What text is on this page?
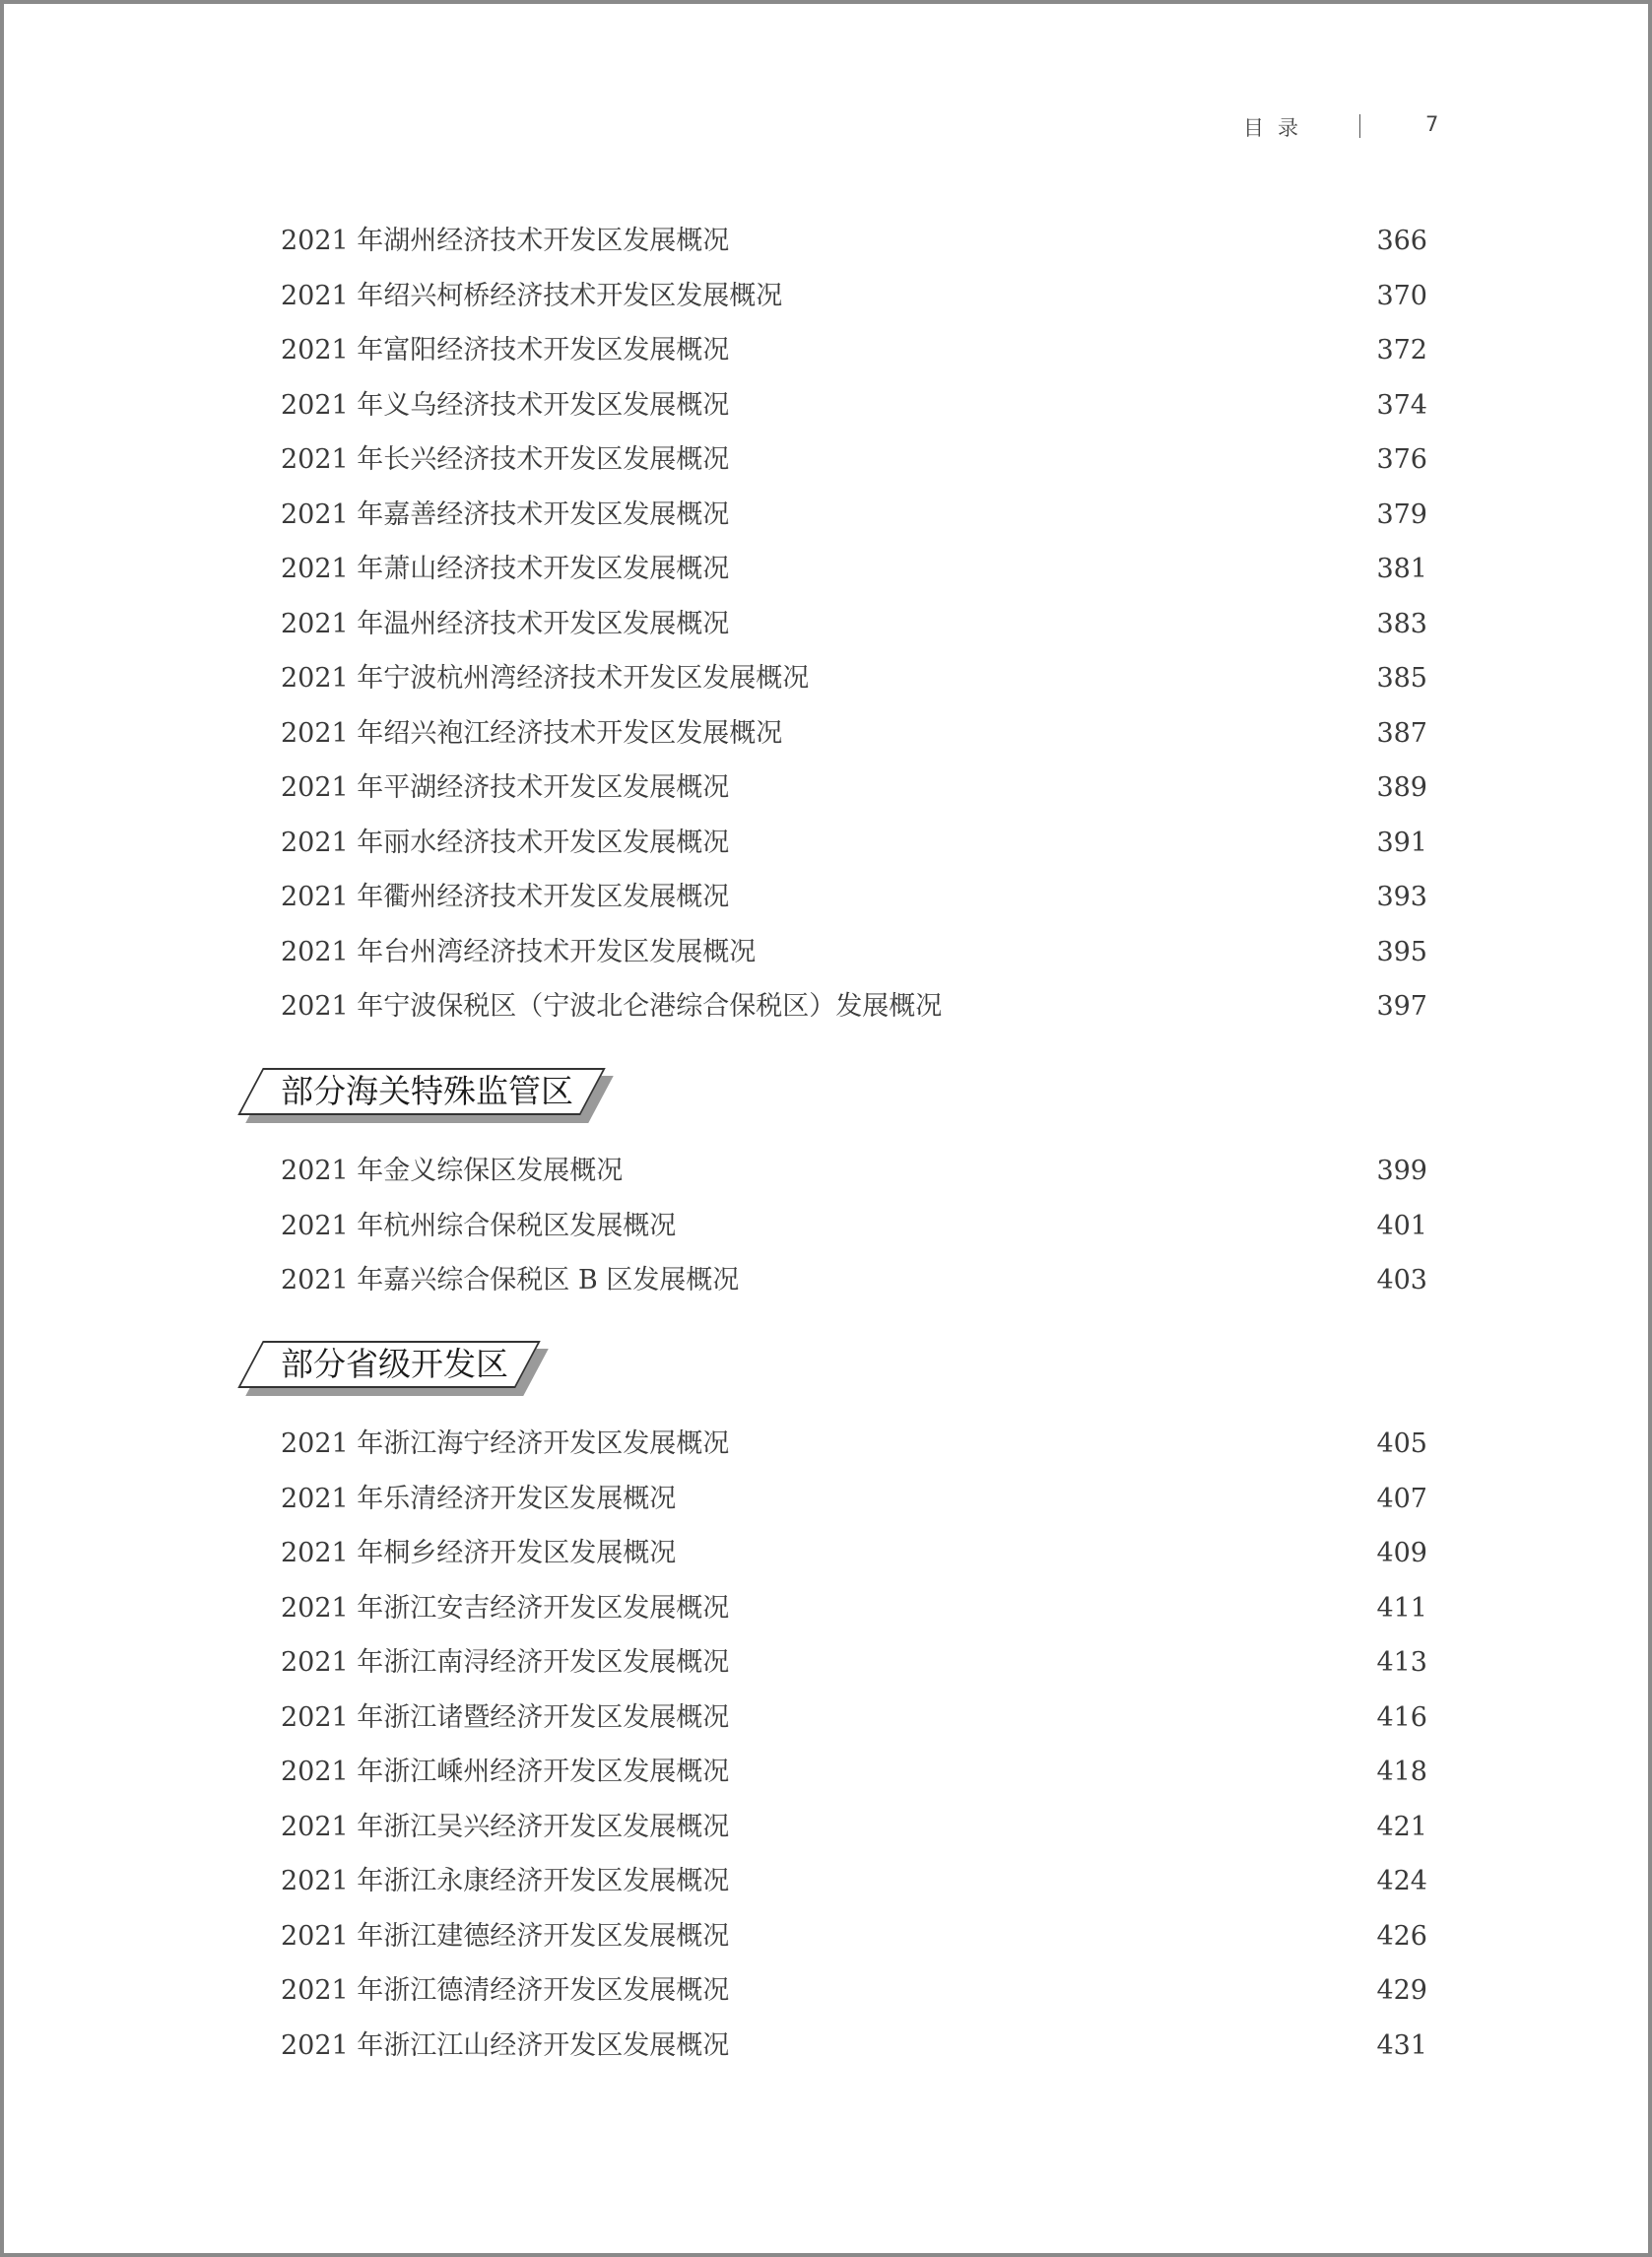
目录	7
2021 年湖州经济技术开发区发展概况	366
2021 年绍兴柯桥经济技术开发区发展概况	370
2021 年富阳经济技术开发区发展概况	372
2021 年义乌经济技术开发区发展概况	374
2021 年长兴经济技术开发区发展概况	376
2021 年嘉善经济技术开发区发展概况	379
2021 年萧山经济技术开发区发展概况	381
2021 年温州经济技术开发区发展概况	383
2021 年宁波杭州湾经济技术开发区发展概况	385
2021 年绍兴袍江经济技术开发区发展概况	387
2021 年平湖经济技术开发区发展概况	389
2021 年丽水经济技术开发区发展概况	391
2021 年衢州经济技术开发区发展概况	393
2021 年台州湾经济技术开发区发展概况	395
2021 年宁波保税区（宁波北仑港综合保税区）发展概况	397
部分海关特殊监管区
2021 年金义综保区发展概况	399
2021 年杭州综合保税区发展概况	401
2021 年嘉兴综合保税区 B 区发展概况	403
部分省级开发区
2021 年浙江海宁经济开发区发展概况	405
2021 年乐清经济开发区发展概况	407
2021 年桐乡经济开发区发展概况	409
2021 年浙江安吉经济开发区发展概况	411
2021 年浙江南浔经济开发区发展概况	413
2021 年浙江诸暨经济开发区发展概况	416
2021 年浙江嵊州经济开发区发展概况	418
2021 年浙江吴兴经济开发区发展概况	421
2021 年浙江永康经济开发区发展概况	424
2021 年浙江建德经济开发区发展概况	426
2021 年浙江德清经济开发区发展概况	429
2021 年浙江江山经济开发区发展概况	431
